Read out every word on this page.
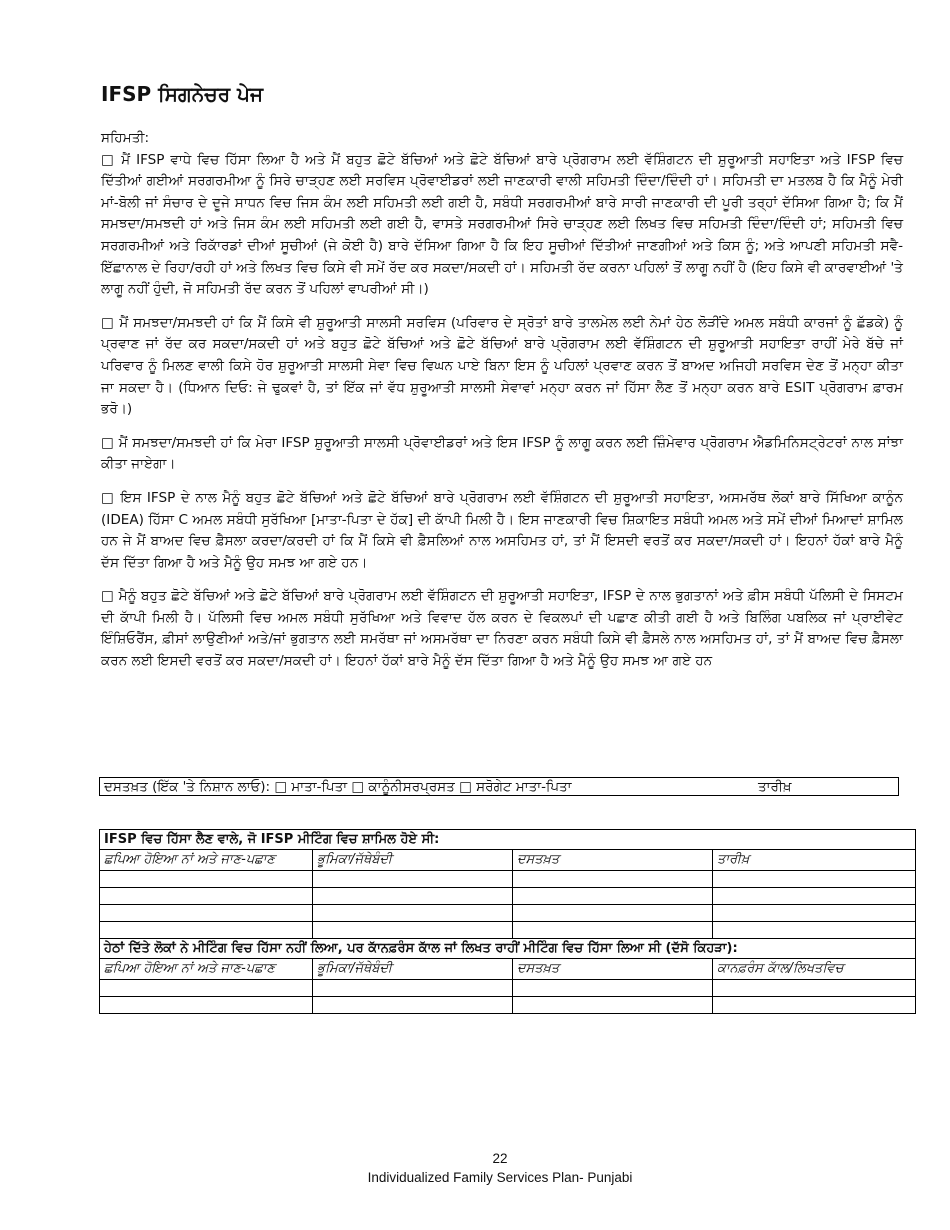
IFSP ਸਿਗਨੇਚਰ ਪੇਜ

ਸਹਿਮਤੀ:

□ ਮੈਂ IFSP ਵਾਧੇ ਵਿਚ ਹਿੱਸਾ ਲਿਆ ਹੈ ਅਤੇ ਮੈਂ ਬਹੁਤ ਛੋਟੇ ਬੱਚਿਆਂ ਅਤੇ ਛੋਟੇ ਬੱਚਿਆਂ ਬਾਰੇ ਪ੍ਰੋਗਰਾਮ ਲਈ ਵੱਸ਼ਿੰਗਟਨ ਦੀ ਸ਼ੁਰੂਆਤੀ ਸਹਾਇਤਾ ਅਤੇ IFSP ਵਿਚ ਦਿੱਤੀਆਂ ਗਈਆਂ ਸਰਗਰਮੀਆ ਨੂੰ ਸਿਰੇ ਚਾੜ੍ਹਣ ਲਈ ਸਰਵਿਸ ਪ੍ਰੋਵਾਈਡਰਾਂ ਲਈ ਜਾਣਕਾਰੀ ਵਾਲੀ ਸਹਿਮਤੀ ਦਿੰਦਾ/ਦਿੰਦੀ ਹਾਂ। ਸਹਿਮਤੀ ਦਾ ਮਤਲਬ ਹੈ ਕਿ ਮੈਨੂੰ ਮੇਰੀ ਮਾਂ-ਬੋਲੀ ਜਾਂ ਸੰਚਾਰ ਦੇ ਦੂਜੇ ਸਾਧਨ ਵਿਚ ਜਿਸ ਕੰਮ ਲਈ ਸਹਿਮਤੀ ਲਈ ਗਈ ਹੈ, ਸਬੰਧੀ ਸਰਗਰਮੀਆਂ ਬਾਰੇ ਸਾਰੀ ਜਾਣਕਾਰੀ ਦੀ ਪੂਰੀ ਤਰ੍ਹਾਂ ਦੱਸਿਆ ਗਿਆ ਹੈ; ਕਿ ਮੈਂ ਸਮਝਦਾ/ਸਮਝਦੀ ਹਾਂ ਅਤੇ ਜਿਸ ਕੰਮ ਲਈ ਸਹਿਮਤੀ ਲਈ ਗਈ ਹੈ, ਵਾਸਤੇ ਸਰਗਰਮੀਆਂ ਸਿਰੇ ਚਾੜ੍ਹਣ ਲਈ ਲਿਖਤ ਵਿਚ ਸਹਿਮਤੀ ਦਿੰਦਾ/ਦਿੰਦੀ ਹਾਂ; ਸਹਿਮਤੀ ਵਿਚ ਸਰਗਰਮੀਆਂ ਅਤੇ ਰਿਕਾੱਰਡਾਂ ਦੀਆਂ ਸੂਚੀਆਂ (ਜੇ ਕੋਈ ਹੈ) ਬਾਰੇ ਦੱਸਿਆ ਗਿਆ ਹੈ ਕਿ ਇਹ ਸੂਚੀਆਂ ਦਿੱਤੀਆਂ ਜਾਣਗੀਆਂ ਅਤੇ ਕਿਸ ਨੂੰ; ਅਤੇ ਆਪਣੀ ਸਹਿਮਤੀ ਸਵੈ-ਇੱਛਾਨਾਲ ਦੇ ਰਿਹਾ/ਰਹੀ ਹਾਂ ਅਤੇ ਲਿਖਤ ਵਿਚ ਕਿਸੇ ਵੀ ਸਮੇਂ ਰੱਦ ਕਰ ਸਕਦਾ/ਸਕਦੀ ਹਾਂ। ਸਹਿਮਤੀ ਰੱਦ ਕਰਨਾ ਪਹਿਲਾਂ ਤੋਂ ਲਾਗੂ ਨਹੀਂ ਹੈ (ਇਹ ਕਿਸੇ ਵੀ ਕਾਰਵਾਈਆਂ 'ਤੇ ਲਾਗੂ ਨਹੀਂ ਹੁੰਦੀ, ਜੋ ਸਹਿਮਤੀ ਰੱਦ ਕਰਨ ਤੋਂ ਪਹਿਲਾਂ ਵਾਪਰੀਆਂ ਸੀ।)

□ ਮੈਂ ਸਮਝਦਾ/ਸਮਝਦੀ ਹਾਂ ਕਿ ਮੈਂ ਕਿਸੇ ਵੀ ਸ਼ੁਰੂਆਤੀ ਸਾਲਸੀ ਸਰਵਿਸ (ਪਰਿਵਾਰ ਦੇ ਸ੍ਰੋਤਾਂ ਬਾਰੇ ਤਾਲਮੇਲ ਲਈ ਨੇਮਾਂ ਹੇਠ ਲੋੜੀਂਦੇ ਅਮਲ ਸਬੰਧੀ ਕਾਰਜਾਂ ਨੂੰ ਛੱਡਕੇ) ਨੂੰ ਪ੍ਰਵਾਣ ਜਾਂ ਰੱਦ ਕਰ ਸਕਦਾ/ਸਕਦੀ ਹਾਂ ਅਤੇ ਬਹੁਤ ਛੋਟੇ ਬੱਚਿਆਂ ਅਤੇ ਛੋਟੇ ਬੱਚਿਆਂ ਬਾਰੇ ਪ੍ਰੋਗਰਾਮ ਲਈ ਵੱਸ਼ਿੰਗਟਨ ਦੀ ਸ਼ੁਰੂਆਤੀ ਸਹਾਇਤਾ ਰਾਹੀਂ ਮੇਰੇ ਬੱਚੇ ਜਾਂ ਪਰਿਵਾਰ ਨੂੰ ਮਿਲਣ ਵਾਲੀ ਕਿਸੇ ਹੋਰ ਸ਼ੁਰੂਆਤੀ ਸਾਲਸੀ ਸੇਵਾ ਵਿਚ ਵਿਘਨ ਪਾਏ ਬਿਨਾ ਇਸ ਨੂੰ ਪਹਿਲਾਂ ਪ੍ਰਵਾਣ ਕਰਨ ਤੋਂ ਬਾਅਦ ਅਜਿਹੀ ਸਰਵਿਸ ਦੇਣ ਤੋਂ ਮਨ੍ਹਾ ਕੀਤਾ ਜਾ ਸਕਦਾ ਹੈ। (ਧਿਆਨ ਦਿਓ: ਜੇ ਢੁਕਵਾਂ ਹੈ, ਤਾਂ ਇੱਕ ਜਾਂ ਵੱਧ ਸ਼ੁਰੂਆਤੀ ਸਾਲਸੀ ਸੇਵਾਵਾਂ ਮਨ੍ਹਾ ਕਰਨ ਜਾਂ ਹਿੱਸਾ ਲੈਣ ਤੋਂ ਮਨ੍ਹਾ ਕਰਨ ਬਾਰੇ ESIT ਪ੍ਰੋਗਰਾਮ ਫ਼ਾਰਮ ਭਰੋ।)

□ ਮੈਂ ਸਮਝਦਾ/ਸਮਝਦੀ ਹਾਂ ਕਿ ਮੇਰਾ IFSP ਸ਼ੁਰੂਆਤੀ ਸਾਲਸੀ ਪ੍ਰੋਵਾਈਡਰਾਂ ਅਤੇ ਇਸ IFSP ਨੂੰ ਲਾਗੂ ਕਰਨ ਲਈ ਜ਼ਿੰਮੇਵਾਰ ਪ੍ਰੋਗਰਾਮ ਐਡਮਿਨਿਸਟ੍ਰੇਟਰਾਂ ਨਾਲ ਸਾਂਝਾ ਕੀਤਾ ਜਾਏਗਾ।

□ ਇਸ IFSP ਦੇ ਨਾਲ ਮੈਨੂੰ ਬਹੁਤ ਛੋਟੇ ਬੱਚਿਆਂ ਅਤੇ ਛੋਟੇ ਬੱਚਿਆਂ ਬਾਰੇ ਪ੍ਰੋਗਰਾਮ ਲਈ ਵੱਸ਼ਿੰਗਟਨ ਦੀ ਸ਼ੁਰੂਆਤੀ ਸਹਾਇਤਾ, ਅਸਮਰੱਥ ਲੋਕਾਂ ਬਾਰੇ ਸਿੱਖਿਆ ਕਾਨੂੰਨ (IDEA) ਹਿੱਸਾ C ਅਮਲ ਸਬੰਧੀ ਸੁਰੱਖਿਆ [ਮਾਤਾ-ਪਿਤਾ ਦੇ ਹੱਕ] ਦੀ ਕਾੱਪੀ ਮਿਲੀ ਹੈ। ਇਸ ਜਾਣਕਾਰੀ ਵਿਚ ਸ਼ਿਕਾਇਤ ਸਬੰਧੀ ਅਮਲ ਅਤੇ ਸਮੇਂ ਦੀਆਂ ਮਿਆਦਾਂ ਸ਼ਾਮਿਲ ਹਨ ਜੇ ਮੈਂ ਬਾਅਦ ਵਿਚ ਫ਼ੈਸਲਾ ਕਰਦਾ/ਕਰਦੀ ਹਾਂ ਕਿ ਮੈਂ ਕਿਸੇ ਵੀ ਫ਼ੈਸਲਿਆਂ ਨਾਲ ਅਸਹਿਮਤ ਹਾਂ, ਤਾਂ ਮੈਂ ਇਸਦੀ ਵਰਤੋਂ ਕਰ ਸਕਦਾ/ਸਕਦੀ ਹਾਂ। ਇਹਨਾਂ ਹੱਕਾਂ ਬਾਰੇ ਮੈਨੂੰ ਦੱਸ ਦਿੱਤਾ ਗਿਆ ਹੈ ਅਤੇ ਮੈਨੂੰ ਉਹ ਸਮਝ ਆ ਗਏ ਹਨ।

□ ਮੈਨੂੰ ਬਹੁਤ ਛੋਟੇ ਬੱਚਿਆਂ ਅਤੇ ਛੋਟੇ ਬੱਚਿਆਂ ਬਾਰੇ ਪ੍ਰੋਗਰਾਮ ਲਈ ਵੱਸ਼ਿੰਗਟਨ ਦੀ ਸ਼ੁਰੂਆਤੀ ਸਹਾਇਤਾ, IFSP ਦੇ ਨਾਲ ਭੁਗਤਾਨਾਂ ਅਤੇ ਫ਼ੀਸ ਸਬੰਧੀ ਪੱਲਿਸੀ ਦੇ ਸਿਸਟਮ ਦੀ ਕਾੱਪੀ ਮਿਲੀ ਹੈ। ਪੱਲਿਸੀ ਵਿਚ ਅਮਲ ਸਬੰਧੀ ਸੁਰੱਖਿਆ ਅਤੇ ਵਿਵਾਦ ਹੱਲ ਕਰਨ ਦੇ ਵਿਕਲਪਾਂ ਦੀ ਪਛਾਣ ਕੀਤੀ ਗਈ ਹੈ ਅਤੇ ਬਿਲਿੰਗ ਪਬਲਿਕ ਜਾਂ ਪ੍ਰਾਈਵੇਟ ਇੰਸ਼ਿਓਰੈਂਸ, ਫ਼ੀਸਾਂ ਲਾਉਣੀਆਂ ਅਤੇ/ਜਾਂ ਭੁਗਤਾਨ ਲਈ ਸਮਰੱਥਾ ਜਾਂ ਅਸਮਰੱਥਾ ਦਾ ਨਿਰਣਾ ਕਰਨ ਸਬੰਧੀ ਕਿਸੇ ਵੀ ਫ਼ੈਸਲੇ ਨਾਲ ਅਸਹਿਮਤ ਹਾਂ, ਤਾਂ ਮੈਂ ਬਾਅਦ ਵਿਚ ਫ਼ੈਸਲਾ ਕਰਨ ਲਈ ਇਸਦੀ ਵਰਤੋਂ ਕਰ ਸਕਦਾ/ਸਕਦੀ ਹਾਂ। ਇਹਨਾਂ ਹੱਕਾਂ ਬਾਰੇ ਮੈਨੂੰ ਦੱਸ ਦਿੱਤਾ ਗਿਆ ਹੈ ਅਤੇ ਮੈਨੂੰ ਉਹ ਸਮਝ ਆ ਗਏ ਹਨ

ਦਸਤਖ਼ਤ (ਇੱਕ 'ਤੇ ਨਿਸ਼ਾਨ ਲਾਓ): □ ਮਾਤਾ-ਪਿਤਾ □ ਕਾਨੂੰਨੀਸਰਪ੍ਰਸਤ □ ਸਰੋਗੇਟ ਮਾਤਾ-ਪਿਤਾ	ਤਾਰੀਖ਼
IFSP ਵਿਚ ਹਿੱਸਾ ਲੈਣ ਵਾਲੇ, ਜੋ IFSP ਮੀਟਿੰਗ ਵਿਚ ਸ਼ਾਮਿਲ ਹੋਏ ਸੀ:			
ਛਪਿਆ ਹੋਇਆ ਨਾਂ ਅਤੇ ਜਾਣ-ਪਛਾਣ	ਭੂਮਿਕਾ/ਜੱਥੇਬੰਦੀ	ਦਸਤਖ਼ਤ	ਤਾਰੀਖ਼

ਹੇਠਾਂ ਦਿੱਤੇ ਲੋਕਾਂ ਨੇ ਮੀਟਿੰਗ ਵਿਚ ਹਿੱਸਾ ਨਹੀਂ ਲਿਆ, ਪਰ ਕਾੱਨਫ਼ਰੰਸ ਕਾੱਲ ਜਾਂ ਲਿਖਤ ਰਾਹੀਂ ਮੀਟਿੰਗ ਵਿਚ ਹਿੱਸਾ ਲਿਆ ਸੀ (ਦੱਸੋ ਕਿਹੜਾ):			
ਛਪਿਆ ਹੋਇਆ ਨਾਂ ਅਤੇ ਜਾਣ-ਪਛਾਣ	ਭੂਮਿਕਾ/ਜੱਥੇਬੰਦੀ	ਦਸਤਖ਼ਤ	ਕਾਨਫ਼ਰੰਸ ਕਾੱਲ/ਲਿਖਤਵਿਚ

22
Individualized Family Services Plan- Punjabi
